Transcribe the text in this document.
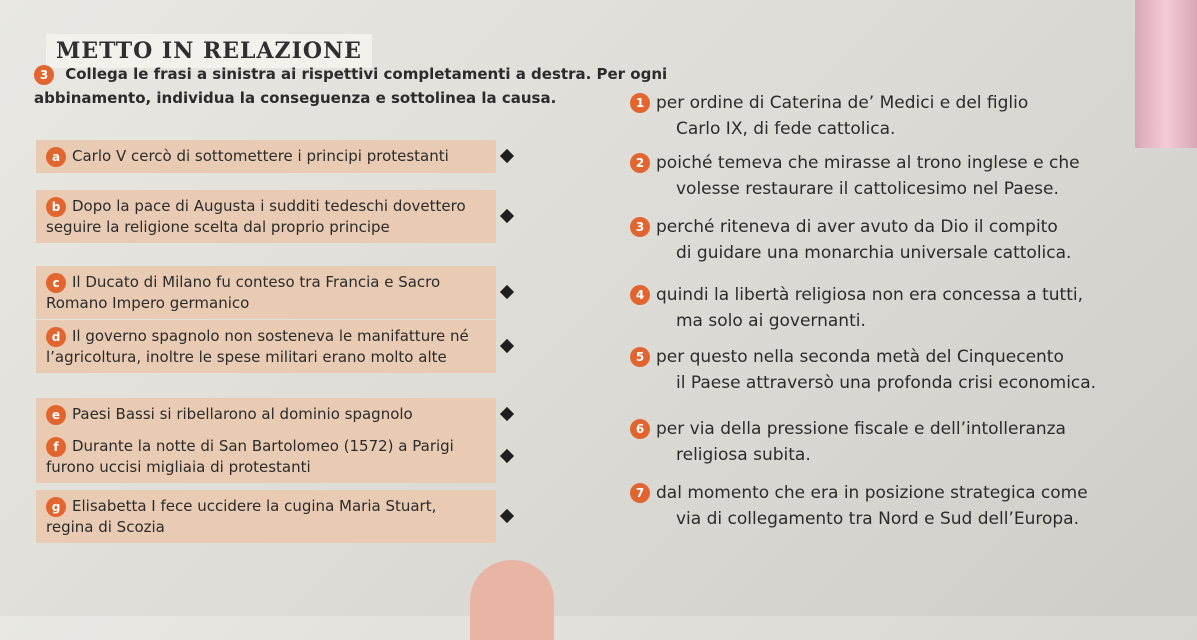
METTO IN RELAZIONE
3 Collega le frasi a sinistra ai rispettivi completamenti a destra. Per ogni abbinamento, individua la conseguenza e sottolinea la causa.
a Carlo V cercò di sottomettere i principi protestanti
b Dopo la pace di Augusta i sudditi tedeschi dovettero seguire la religione scelta dal proprio principe
c Il Ducato di Milano fu conteso tra Francia e Sacro Romano Impero germanico
d Il governo spagnolo non sosteneva le manifatture né l’agricoltura, inoltre le spese militari erano molto alte
e Paesi Bassi si ribellarono al dominio spagnolo
f Durante la notte di San Bartolomeo (1572) a Parigi furono uccisi migliaia di protestanti
g Elisabetta I fece uccidere la cugina Maria Stuart, regina di Scozia
1 per ordine di Caterina de’ Medici e del figlio
Carlo IX, di fede cattolica.
2 poiché temeva che mirasse al trono inglese e che
volesse restaurare il cattolicesimo nel Paese.
3 perché riteneva di aver avuto da Dio il compito
di guidare una monarchia universale cattolica.
4 quindi la libertà religiosa non era concessa a tutti,
ma solo ai governanti.
5 per questo nella seconda metà del Cinquecento
il Paese attraversò una profonda crisi economica.
6 per via della pressione fiscale e dell’intolleranza
religiosa subita.
7 dal momento che era in posizione strategica come
via di collegamento tra Nord e Sud dell’Europa.
